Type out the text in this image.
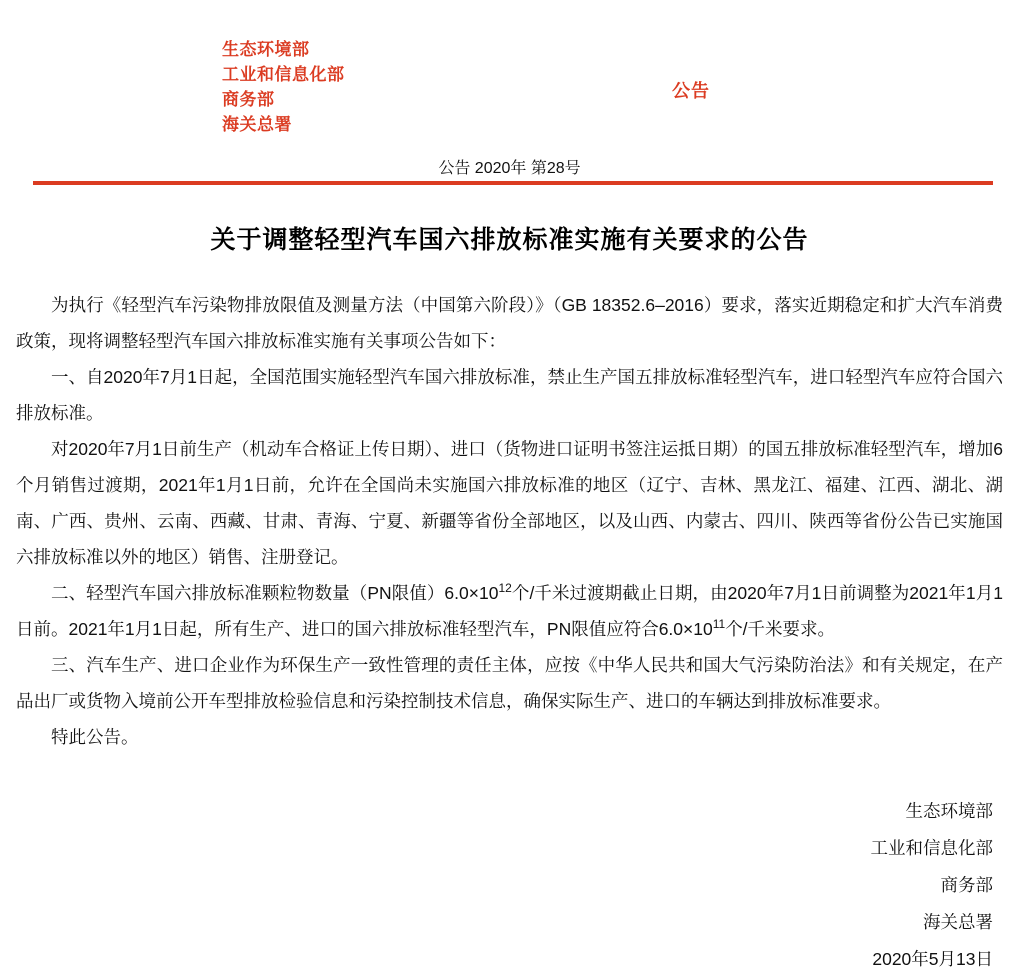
生态环境部
工业和信息化部
商务部
海关总署
公告
公告 2020年 第28号
关于调整轻型汽车国六排放标准实施有关要求的公告

为执行《轻型汽车污染物排放限值及测量方法（中国第六阶段）》（GB 18352.6–2016）要求，落实近期稳定和扩大汽车消费政策，现将调整轻型汽车国六排放标准实施有关事项公告如下：

一、自2020年7月1日起，全国范围实施轻型汽车国六排放标准，禁止生产国五排放标准轻型汽车，进口轻型汽车应符合国六排放标准。

对2020年7月1日前生产（机动车合格证上传日期）、进口（货物进口证明书签注运抵日期）的国五排放标准轻型汽车，增加6个月销售过渡期，2021年1月1日前，允许在全国尚未实施国六排放标准的地区（辽宁、吉林、黑龙江、福建、江西、湖北、湖南、广西、贵州、云南、西藏、甘肃、青海、宁夏、新疆等省份全部地区，以及山西、内蒙古、四川、陕西等省份公告已实施国六排放标准以外的地区）销售、注册登记。

二、轻型汽车国六排放标准颗粒物数量（PN限值）$6.0\times 10^{12}$个/千米过渡期截止日期，由2020年7月1日前调整为2021年1月1日前。2021年1月1日起，所有生产、进口的国六排放标准轻型汽车，PN限值应符合$6.0\times 10^{11}$个/千米要求。

三、汽车生产、进口企业作为环保生产一致性管理的责任主体，应按《中华人民共和国大气污染防治法》和有关规定，在产品出厂或货物入境前公开车型排放检验信息和污染控制技术信息，确保实际生产、进口的车辆达到排放标准要求。

特此公告。

生态环境部
工业和信息化部
商务部
海关总署
2020年5月13日
